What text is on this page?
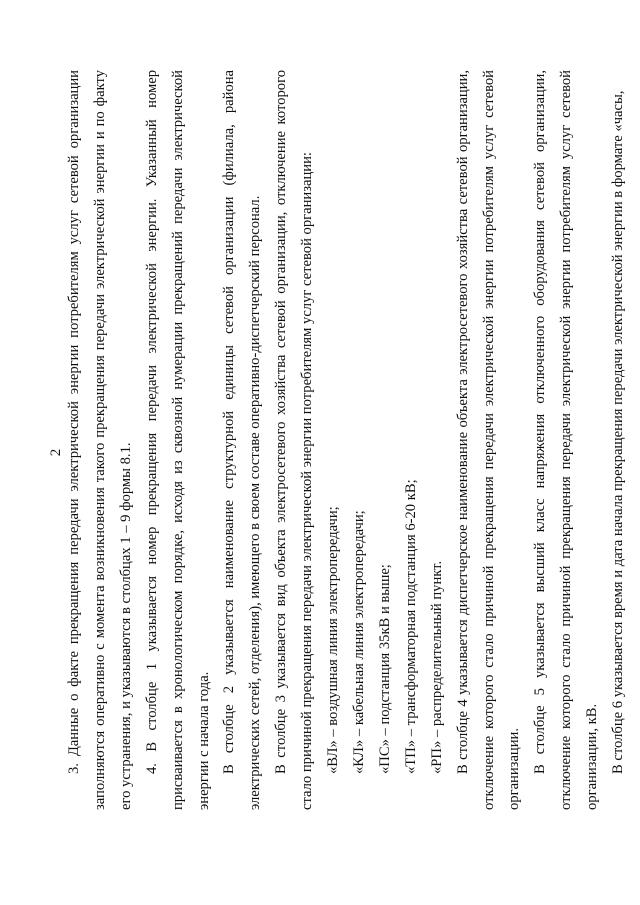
2 3. Данные о факте прекращения передачи электрической энергии потребителям услуг сетевой организации заполняются оперативно с момента возникновения такого прекращения передачи электрической энергии и по факту его устранения, и указываются в столбцах 1 – 9 формы 8.1. 4. В столбце 1 указывается номер прекращения передачи электрической энергии. Указанный номер присваивается в хронологическом порядке, исходя из сквозной нумерации прекращений передачи электрической энергии с начала года. В столбце 2 указывается наименование структурной единицы сетевой организации (филиала, района электрических сетей, отделения), имеющего в своем составе оперативно-диспетчерский персонал. В столбце 3 указывается вид объекта электросетевого хозяйства сетевой организации, отключение которого стало причиной прекращения передачи электрической энергии потребителям услуг сетевой организации: «ВЛ» – воздушная линия электропередачи; «КЛ» – кабельная линия электропередачи; «ПС» – подстанция 35кВ и выше; «ТП» – трансформаторная подстанция 6-20 кВ; «РП» – распределительный пункт. В столбце 4 указывается диспетчерское наименование объекта электросетевого хозяйства сетевой организации, отключение которого стало причиной прекращения передачи электрической энергии потребителям услуг сетевой организации. В столбце 5 указывается высший класс напряжения отключенного оборудования сетевой организации, отключение которого стало причиной прекращения передачи электрической энергии потребителям услуг сетевой организации, кВ. В столбце 6 указывается время и дата начала прекращения передачи электрической энергии в формате «часы,
